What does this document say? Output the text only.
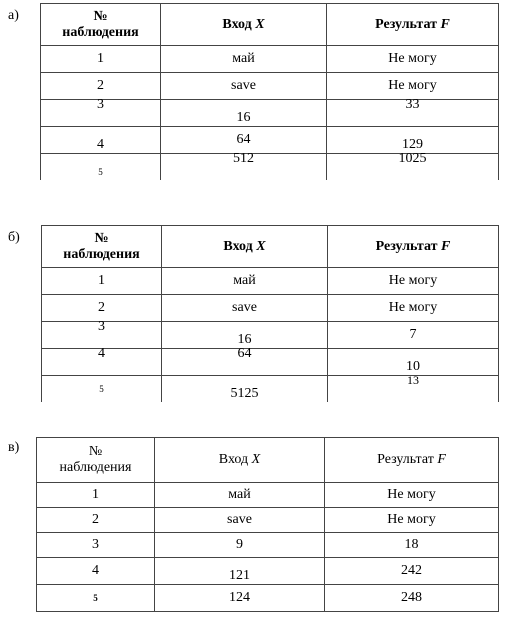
а)	№
наблюдения	Вход X	Результат F
1	май	Не могу
2	save	Не могу
3	16	33
4	64	129
$_5$	512	1025
б)	№
наблюдения	Вход X	Результат F
1	май	Не могу
2	save	Не могу
3	16	7
4	64	10
5	5125	13
в)	№
наблюдения	Вход X	Результат F
1	май	Не могу
2	save	Не могу
3	9	18
4	121	242
5	124	248
